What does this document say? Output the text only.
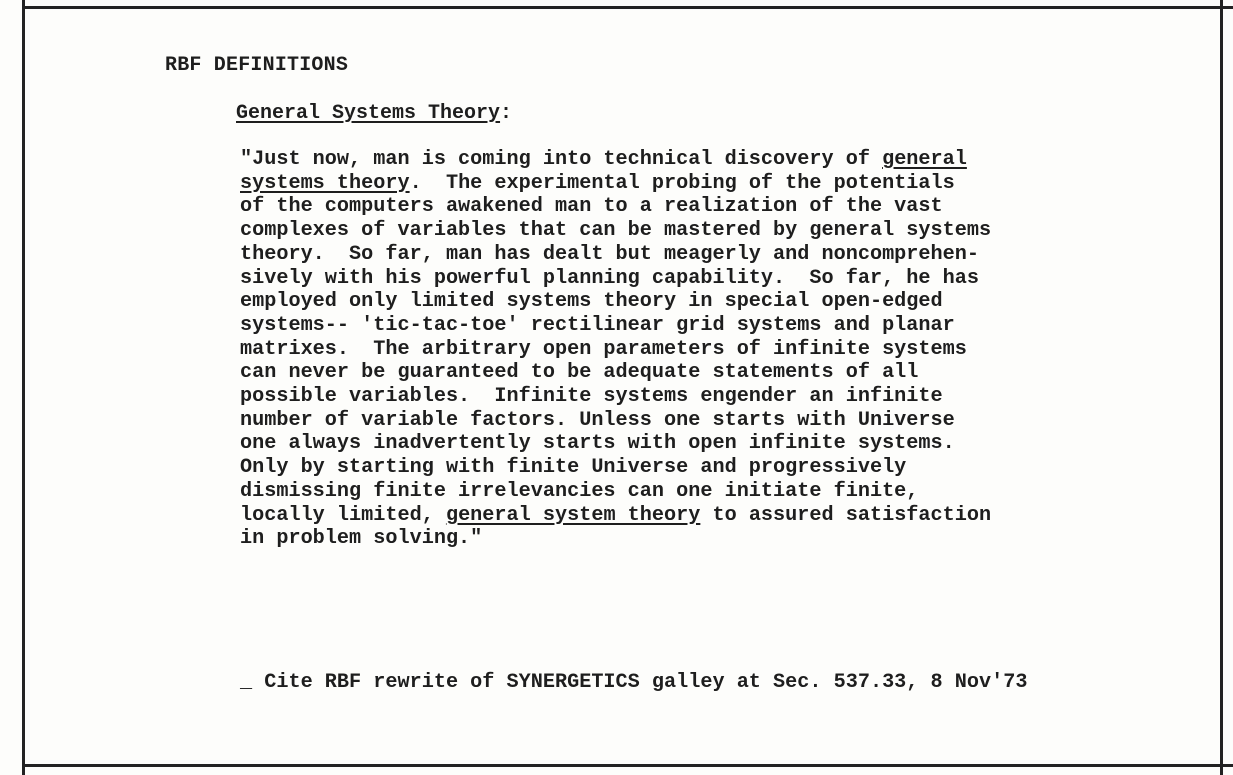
RBF DEFINITIONS
General Systems Theory:
"Just now, man is coming into technical discovery of general
systems theory.  The experimental probing of the potentials
of the computers awakened man to a realization of the vast
complexes of variables that can be mastered by general systems
theory.  So far, man has dealt but meagerly and noncomprehen-
sively with his powerful planning capability.  So far, he has
employed only limited systems theory in special open-edged
systems-- 'tic-tac-toe' rectilinear grid systems and planar
matrixes.  The arbitrary open parameters of infinite systems
can never be guaranteed to be adequate statements of all
possible variables.  Infinite systems engender an infinite
number of variable factors. Unless one starts with Universe
one always inadvertently starts with open infinite systems.
Only by starting with finite Universe and progressively
dismissing finite irrelevancies can one initiate finite,
locally limited, general system theory to assured satisfaction
in problem solving."
_ Cite RBF rewrite of SYNERGETICS galley at Sec. 537.33, 8 Nov'73
